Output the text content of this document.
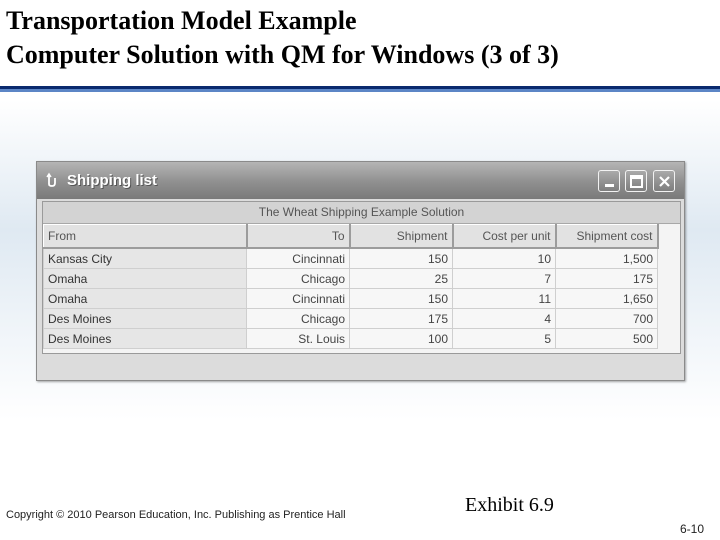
Transportation Model Example
Computer Solution with QM for Windows (3 of 3)
Shipping list
The Wheat Shipping Example Solution
From	To	Shipment	Cost per unit	Shipment cost
Kansas City	Cincinnati	150	10	1,500
Omaha	Chicago	25	7	175
Omaha	Cincinnati	150	11	1,650
Des Moines	Chicago	175	4	700
Des Moines	St. Louis	100	5	500
Copyright © 2010 Pearson Education, Inc. Publishing as Prentice Hall	Exhibit 6.9
6-10
